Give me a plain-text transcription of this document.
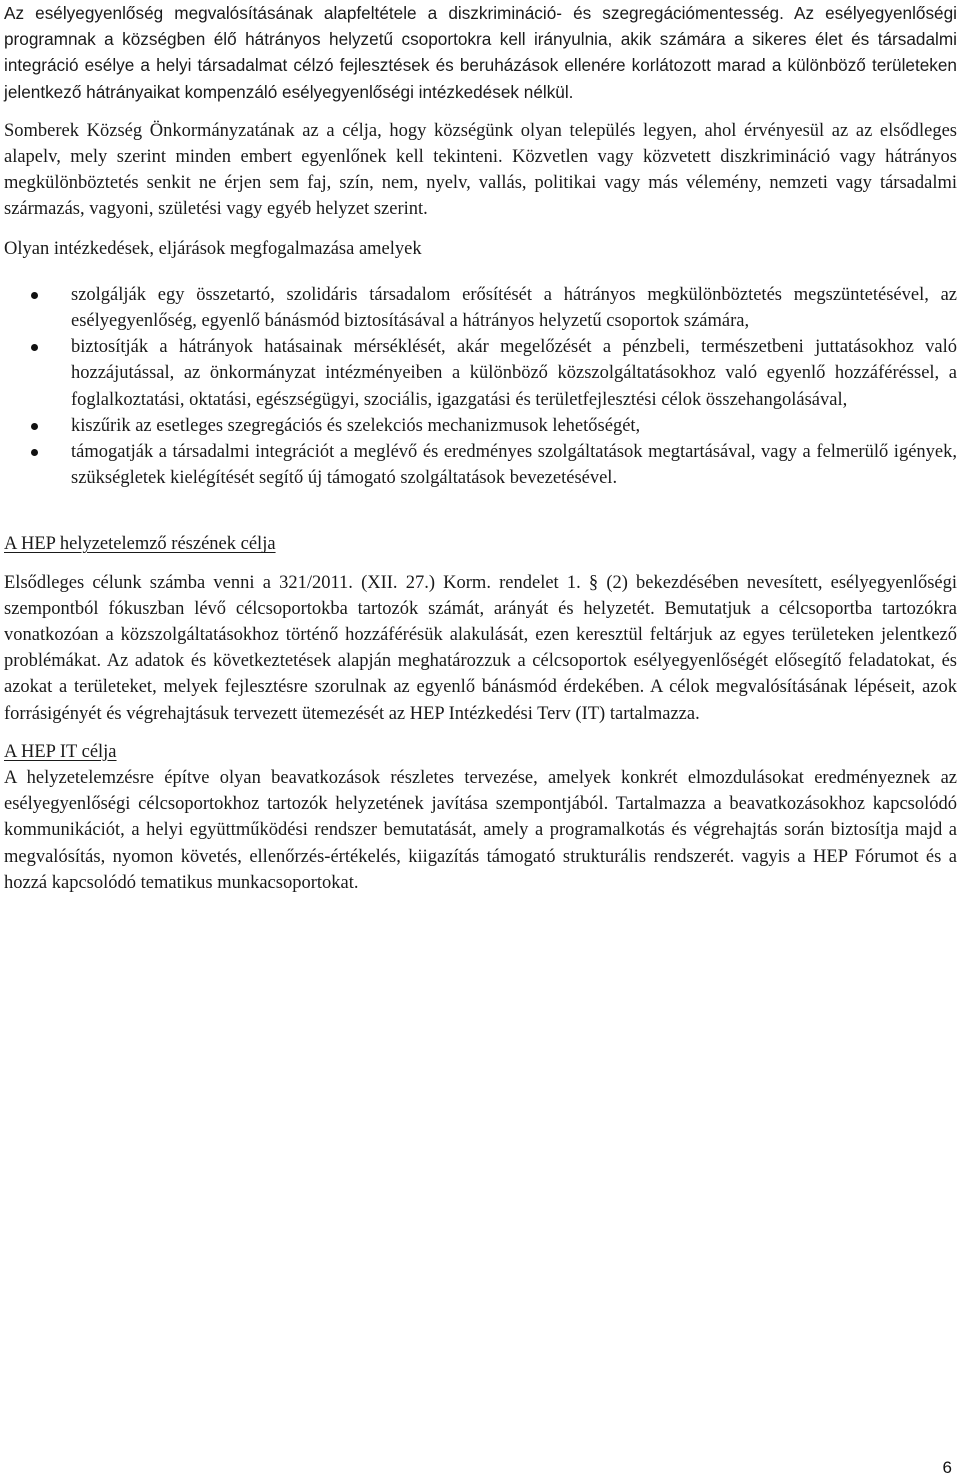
Az esélyegyenlőség megvalósításának alapfeltétele a diszkrimináció- és szegregációmentesség. Az esélyegyenlőségi programnak a községben élő hátrányos helyzetű csoportokra kell irányulnia, akik számára a sikeres élet és társadalmi integráció esélye a helyi társadalmat célzó fejlesztések és beruházások ellenére korlátozott marad a különböző területeken jelentkező hátrányaikat kompenzáló esélyegyenlőségi intézkedések nélkül.

Somberek Község Önkormányzatának az a célja, hogy községünk olyan település legyen, ahol érvényesül az az elsődleges alapelv, mely szerint minden embert egyenlőnek kell tekinteni. Közvetlen vagy közvetett diszkrimináció vagy hátrányos megkülönböztetés senkit ne érjen sem faj, szín, nem, nyelv, vallás, politikai vagy más vélemény, nemzeti vagy társadalmi származás, vagyoni, születési vagy egyéb helyzet szerint.

Olyan intézkedések, eljárások megfogalmazása amelyek

szolgálják egy összetartó, szolidáris társadalom erősítését a hátrányos megkülönböztetés megszüntetésével, az esélyegyenlőség, egyenlő bánásmód biztosításával a hátrányos helyzetű csoportok számára,
biztosítják a hátrányok hatásainak mérséklését, akár megelőzését a pénzbeli, természetbeni juttatásokhoz való hozzájutással, az önkormányzat intézményeiben a különböző közszolgáltatásokhoz való egyenlő hozzáféréssel, a foglalkoztatási, oktatási, egészségügyi, szociális, igazgatási és területfejlesztési célok összehangolásával,
kiszűrik az esetleges szegregációs és szelekciós mechanizmusok lehetőségét,
támogatják a társadalmi integrációt a meglévő és eredményes szolgáltatások megtartásával, vagy a felmerülő igények, szükségletek kielégítését segítő új támogató szolgáltatások bevezetésével.

A HEP helyzetelemző részének célja

Elsődleges célunk számba venni a 321/2011. (XII. 27.) Korm. rendelet 1. § (2) bekezdésében nevesített, esélyegyenlőségi szempontból fókuszban lévő célcsoportokba tartozók számát, arányát és helyzetét. Bemutatjuk a célcsoportba tartozókra vonatkozóan a közszolgáltatásokhoz történő hozzáférésük alakulását, ezen keresztül feltárjuk az egyes területeken jelentkező problémákat. Az adatok és következtetések alapján meghatározzuk a célcsoportok esélyegyenlőségét elősegítő feladatokat, és azokat a területeket, melyek fejlesztésre szorulnak az egyenlő bánásmód érdekében. A célok megvalósításának lépéseit, azok forrásigényét és végrehajtásuk tervezett ütemezését az HEP Intézkedési Terv (IT) tartalmazza.

A HEP IT célja

A helyzetelemzésre építve olyan beavatkozások részletes tervezése, amelyek konkrét elmozdulásokat eredményeznek az esélyegyenlőségi célcsoportokhoz tartozók helyzetének javítása szempontjából. Tartalmazza a beavatkozásokhoz kapcsolódó kommunikációt, a helyi együttműködési rendszer bemutatását, amely a programalkotás és végrehajtás során biztosítja majd a megvalósítás, nyomon követés, ellenőrzés-értékelés, kiigazítás támogató strukturális rendszerét. vagyis a HEP Fórumot és a hozzá kapcsolódó tematikus munkacsoportokat.

6
